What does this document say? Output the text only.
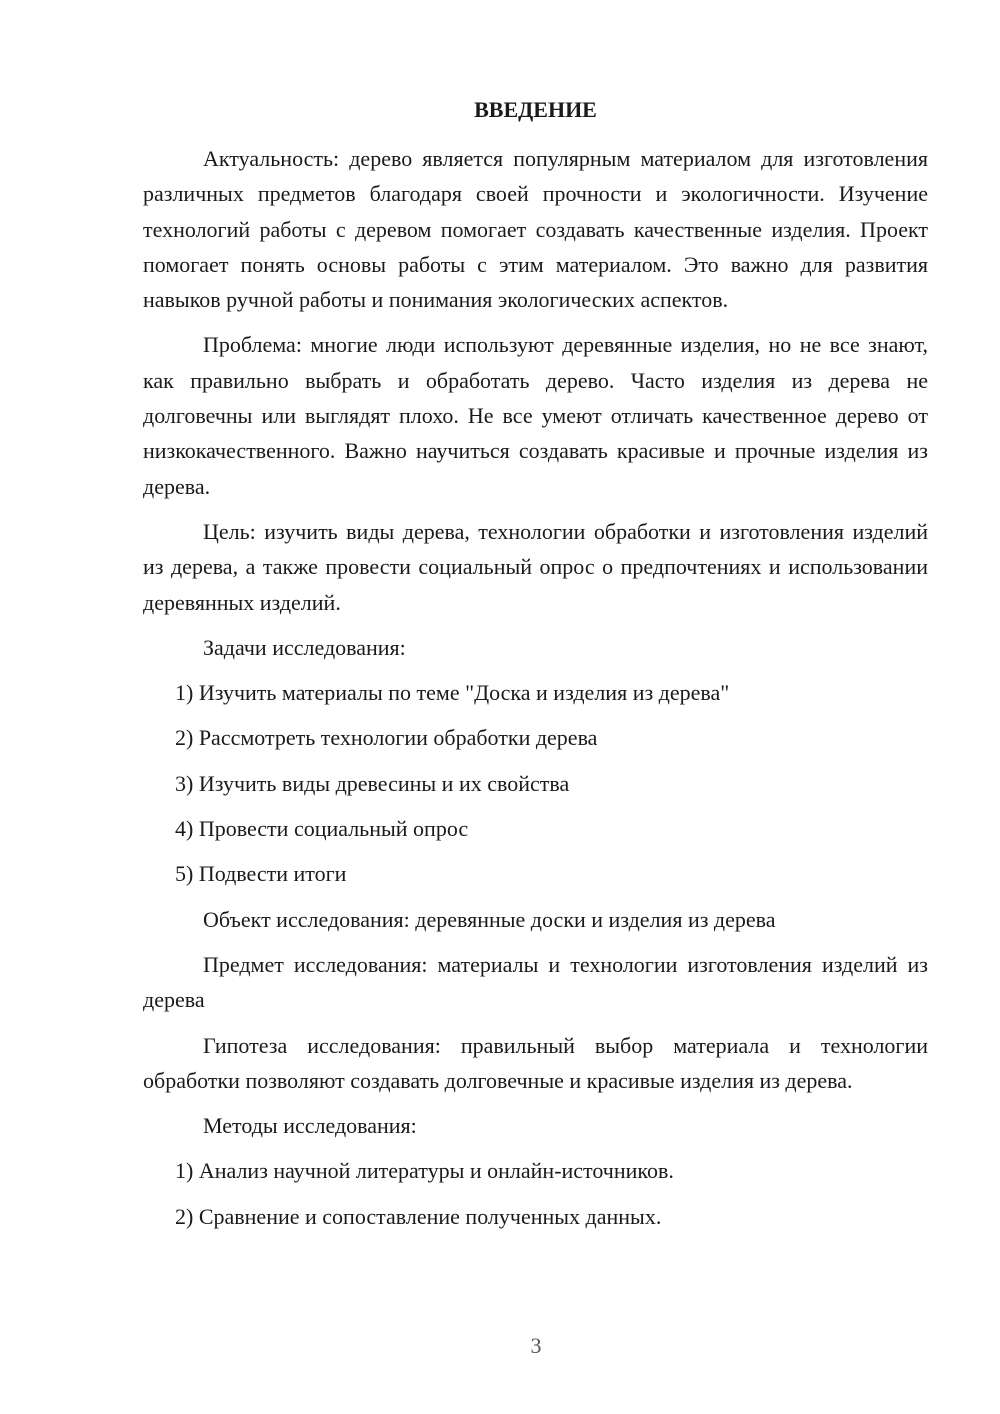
ВВЕДЕНИЕ

Актуальность: дерево является популярным материалом для изготовления различных предметов благодаря своей прочности и экологичности. Изучение технологий работы с деревом помогает создавать качественные изделия. Проект помогает понять основы работы с этим материалом. Это важно для развития навыков ручной работы и понимания экологических аспектов.

Проблема: многие люди используют деревянные изделия, но не все знают, как правильно выбрать и обработать дерево. Часто изделия из дерева не долговечны или выглядят плохо. Не все умеют отличать качественное дерево от низкокачественного. Важно научиться создавать красивые и прочные изделия из дерева.

Цель: изучить виды дерева, технологии обработки и изготовления изделий из дерева, а также провести социальный опрос о предпочтениях и использовании деревянных изделий.

Задачи исследования:

1) Изучить материалы по теме "Доска и изделия из дерева"

2) Рассмотреть технологии обработки дерева

3) Изучить виды древесины и их свойства

4) Провести социальный опрос

5) Подвести итоги

Объект исследования: деревянные доски и изделия из дерева

Предмет исследования: материалы и технологии изготовления изделий из дерева

Гипотеза исследования: правильный выбор материала и технологии обработки позволяют создавать долговечные и красивые изделия из дерева.

Методы исследования:

1) Анализ научной литературы и онлайн-источников.

2) Сравнение и сопоставление полученных данных.

3
